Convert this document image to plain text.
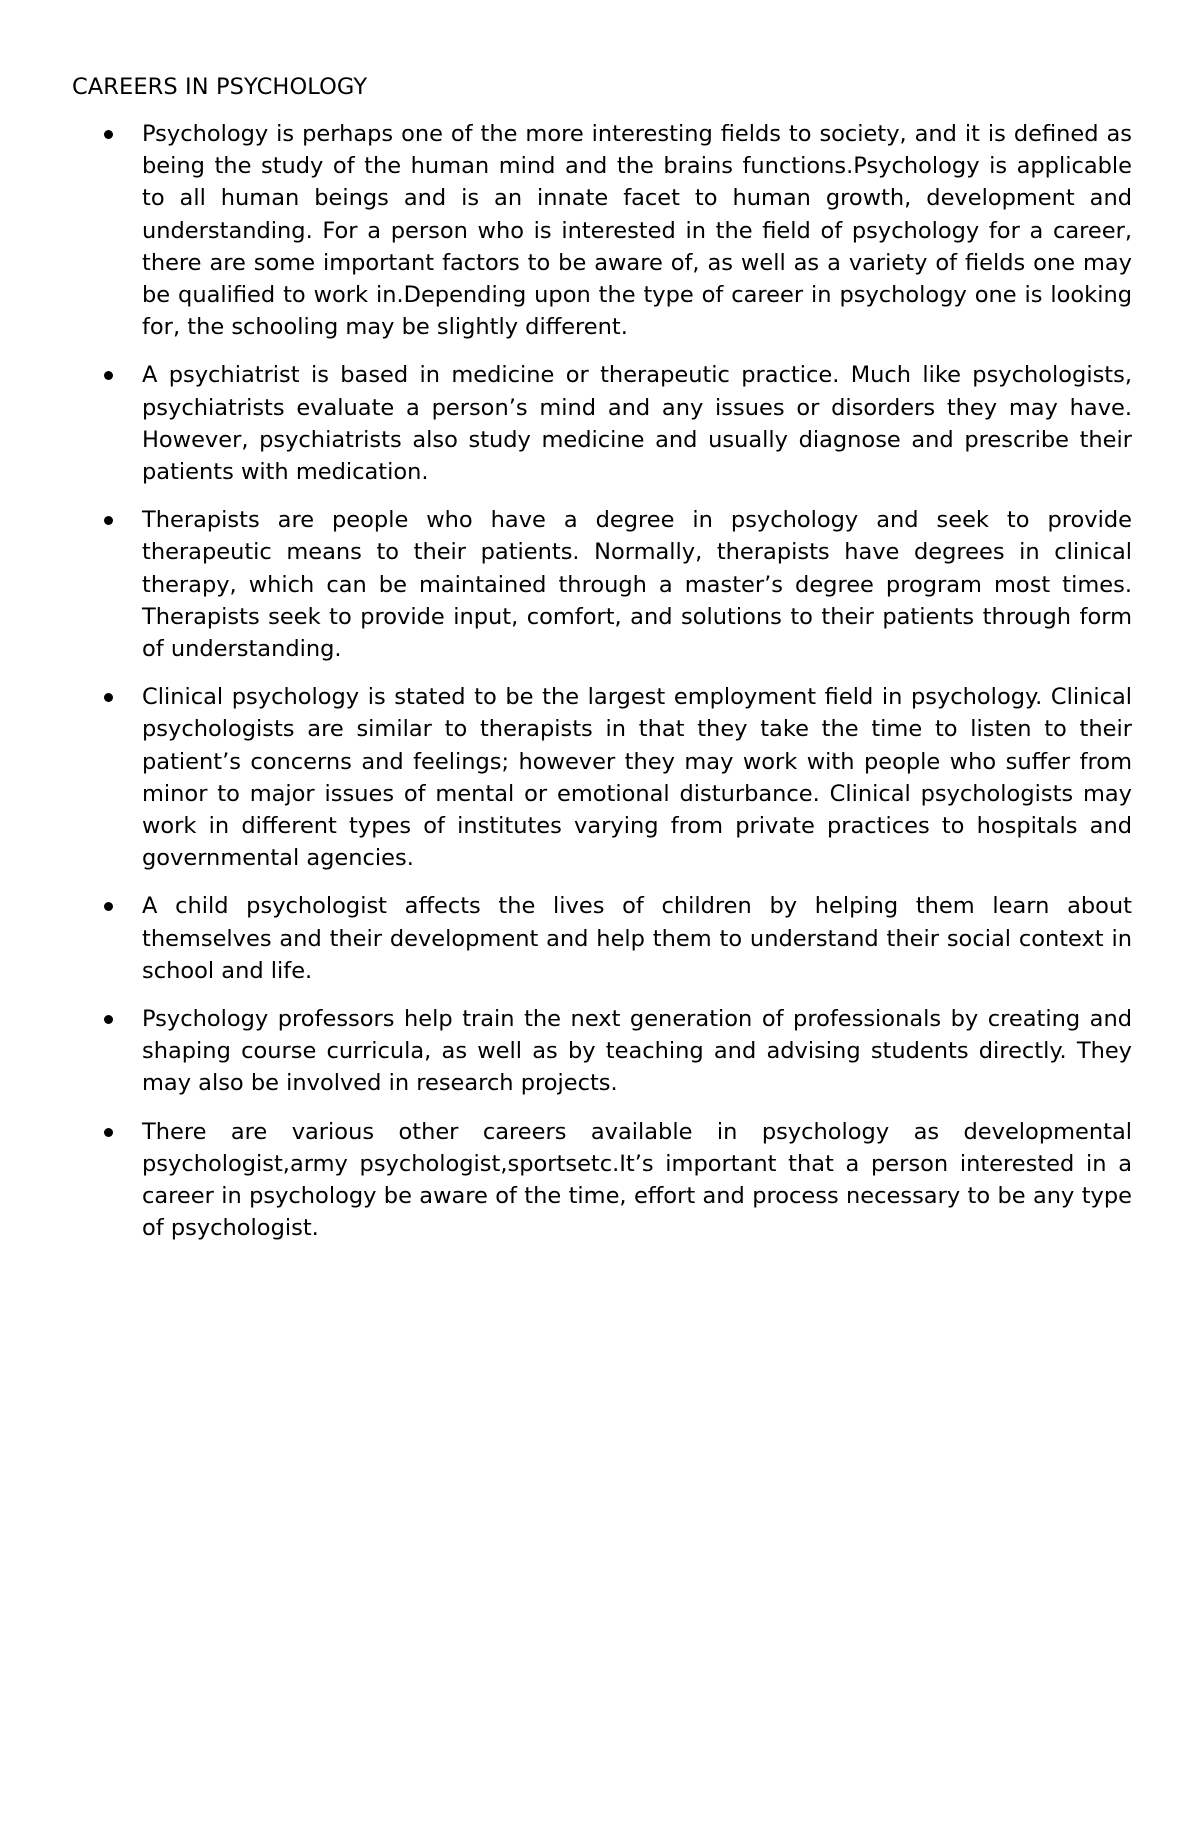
CAREERS IN PSYCHOLOGY
Psychology is perhaps one of the more interesting fields to society, and it is defined as being the study of the human mind and the brains functions.Psychology is applicable to all human beings and is an innate facet to human growth, development and understanding. For a person who is interested in the field of psychology for a career, there are some important factors to be aware of, as well as a variety of fields one may be qualified to work in.Depending upon the type of career in psychology one is looking for, the schooling may be slightly different.
A psychiatrist is based in medicine or therapeutic practice. Much like psychologists, psychiatrists evaluate a person’s mind and any issues or disorders they may have. However, psychiatrists also study medicine and usually diagnose and prescribe their patients with medication.
Therapists are people who have a degree in psychology and seek to provide therapeutic means to their patients. Normally, therapists have degrees in clinical therapy, which can be maintained through a master’s degree program most times. Therapists seek to provide input, comfort, and solutions to their patients through form of understanding.
Clinical psychology is stated to be the largest employment field in psychology. Clinical psychologists are similar to therapists in that they take the time to listen to their patient’s concerns and feelings; however they may work with people who suffer from minor to major issues of mental or emotional disturbance. Clinical psychologists may work in different types of institutes varying from private practices to hospitals and governmental agencies.
A child psychologist affects the lives of children by helping them learn about themselves and their development and help them to understand their social context in school and life.
Psychology professors help train the next generation of professionals by creating and shaping course curricula, as well as by teaching and advising students directly. They may also be involved in research projects.
There are various other careers available in psychology as developmental psychologist,army psychologist,sportsetc.It’s important that a person interested in a career in psychology be aware of the time, effort and process necessary to be any type of psychologist.
